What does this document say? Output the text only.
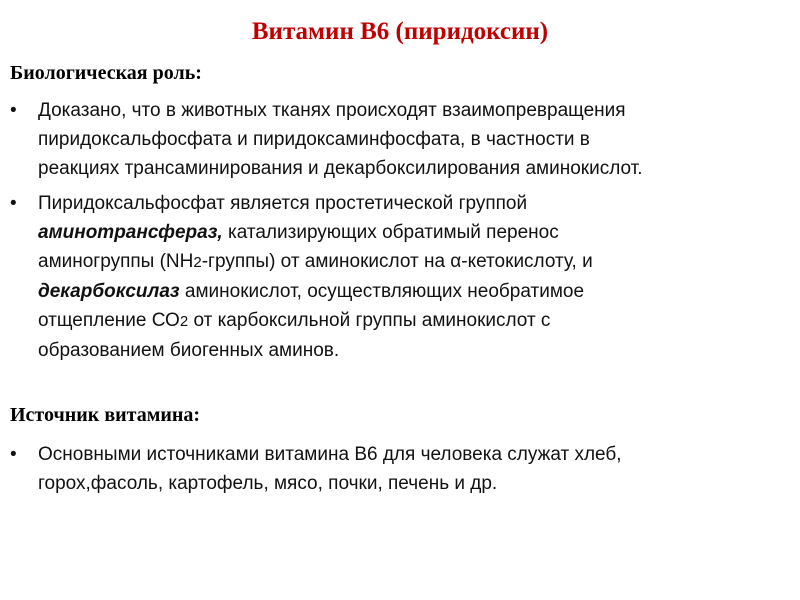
Витамин В6 (пиридоксин)
Биологическая роль:
•	Доказано, что в животных тканях происходят взаимопревращения
пиридоксальфосфата и пиридоксаминфосфата, в частности в
реакциях трансаминирования и декарбоксилирования аминокислот.
•	Пиридоксальфосфат является простетической группой
аминотрансфераз, катализирующих обратимый перенос
аминогруппы (NH2-группы) от аминокислот на α-кетокислоту, и
декарбоксилаз аминокислот, осуществляющих необратимое
отщепление СО2 от карбоксильной группы аминокислот с
образованием биогенных аминов.
Источник витамина:
•	Основными источниками витамина В6 для человека служат хлеб,
горох,фасоль, картофель, мясо, почки, печень и др.
